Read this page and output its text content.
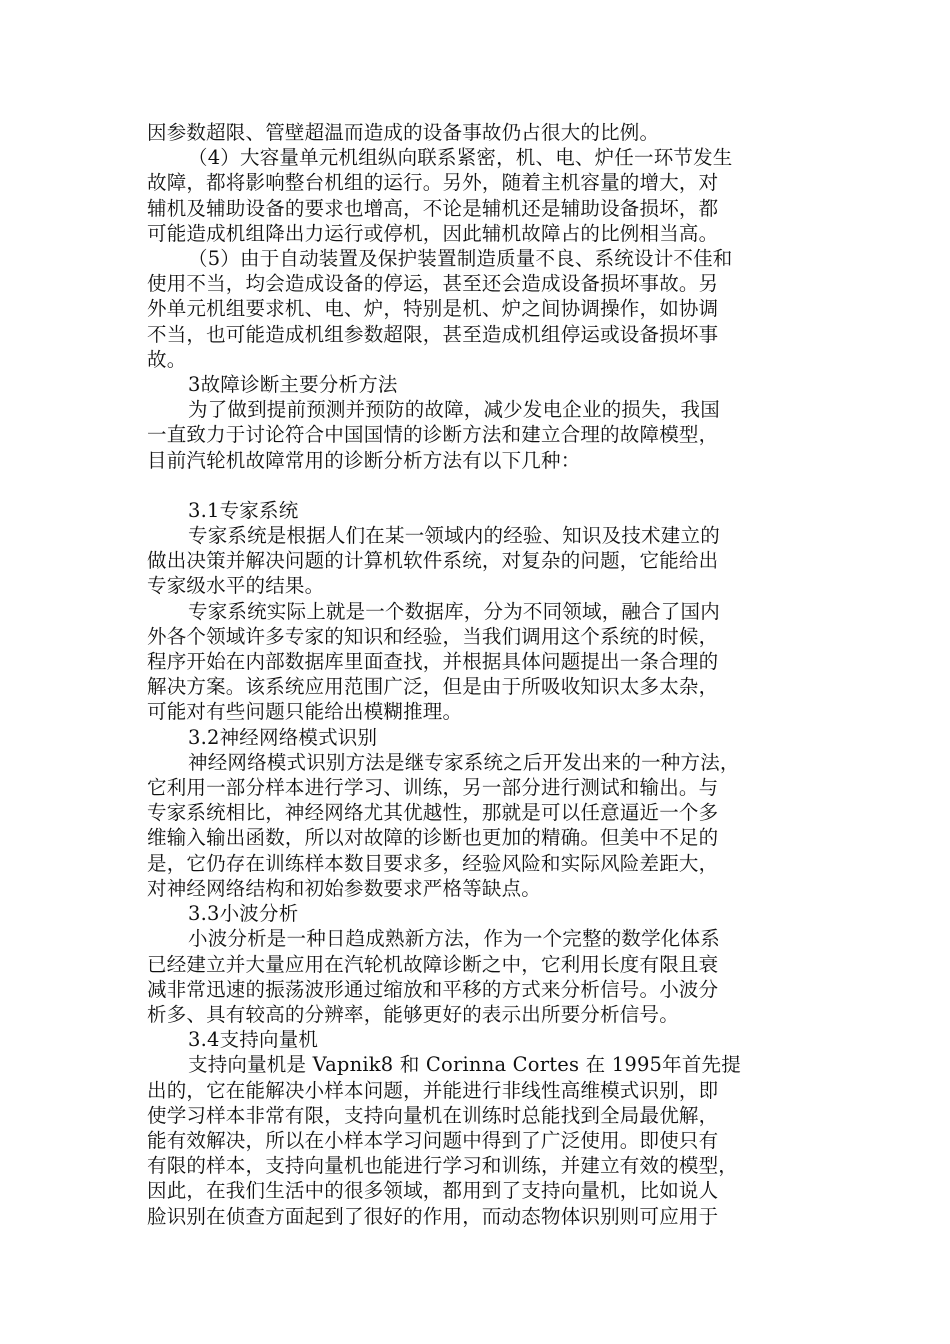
因参数超限、管壁超温而造成的设备事故仍占很大的比例。

（4）大容量单元机组纵向联系紧密，机、电、炉任一环节发生

故障，都将影响整台机组的运行。另外，随着主机容量的增大，对

辅机及辅助设备的要求也增高，不论是辅机还是辅助设备损坏，都

可能造成机组降出力运行或停机，因此辅机故障占的比例相当高。

（5）由于自动装置及保护装置制造质量不良、系统设计不佳和

使用不当，均会造成设备的停运，甚至还会造成设备损坏事故。另

外单元机组要求机、电、炉，特别是机、炉之间协调操作，如协调

不当，也可能造成机组参数超限，甚至造成机组停运或设备损坏事

故。

3故障诊断主要分析方法

为了做到提前预测并预防的故障，减少发电企业的损失，我国

一直致力于讨论符合中国国情的诊断方法和建立合理的故障模型，

目前汽轮机故障常用的诊断分析方法有以下几种：

3.1专家系统

专家系统是根据人们在某一领域内的经验、知识及技术建立的

做出决策并解决问题的计算机软件系统，对复杂的问题，它能给出

专家级水平的结果。

专家系统实际上就是一个数据库，分为不同领域，融合了国内

外各个领域许多专家的知识和经验，当我们调用这个系统的时候，

程序开始在内部数据库里面查找，并根据具体问题提出一条合理的

解决方案。该系统应用范围广泛，但是由于所吸收知识太多太杂，

可能对有些问题只能给出模糊推理。

3.2神经网络模式识别

神经网络模式识别方法是继专家系统之后开发出来的一种方法，

它利用一部分样本进行学习、训练，另一部分进行测试和输出。与

专家系统相比，神经网络尤其优越性，那就是可以任意逼近一个多

维输入输出函数，所以对故障的诊断也更加的精确。但美中不足的

是，它仍存在训练样本数目要求多，经验风险和实际风险差距大，

对神经网络结构和初始参数要求严格等缺点。

3.3小波分析

小波分析是一种日趋成熟新方法，作为一个完整的数学化体系

已经建立并大量应用在汽轮机故障诊断之中，它利用长度有限且衰

减非常迅速的振荡波形通过缩放和平移的方式来分析信号。小波分

析多、具有较高的分辨率，能够更好的表示出所要分析信号。

3.4支持向量机

支持向量机是 Vapnik8 和 Corinna Cortes 在 1995年首先提

出的，它在能解决小样本问题，并能进行非线性高维模式识别，即

使学习样本非常有限，支持向量机在训练时总能找到全局最优解，

能有效解决，所以在小样本学习问题中得到了广泛使用。即使只有

有限的样本，支持向量机也能进行学习和训练，并建立有效的模型，

因此，在我们生活中的很多领域，都用到了支持向量机，比如说人

脸识别在侦查方面起到了很好的作用，而动态物体识别则可应用于
